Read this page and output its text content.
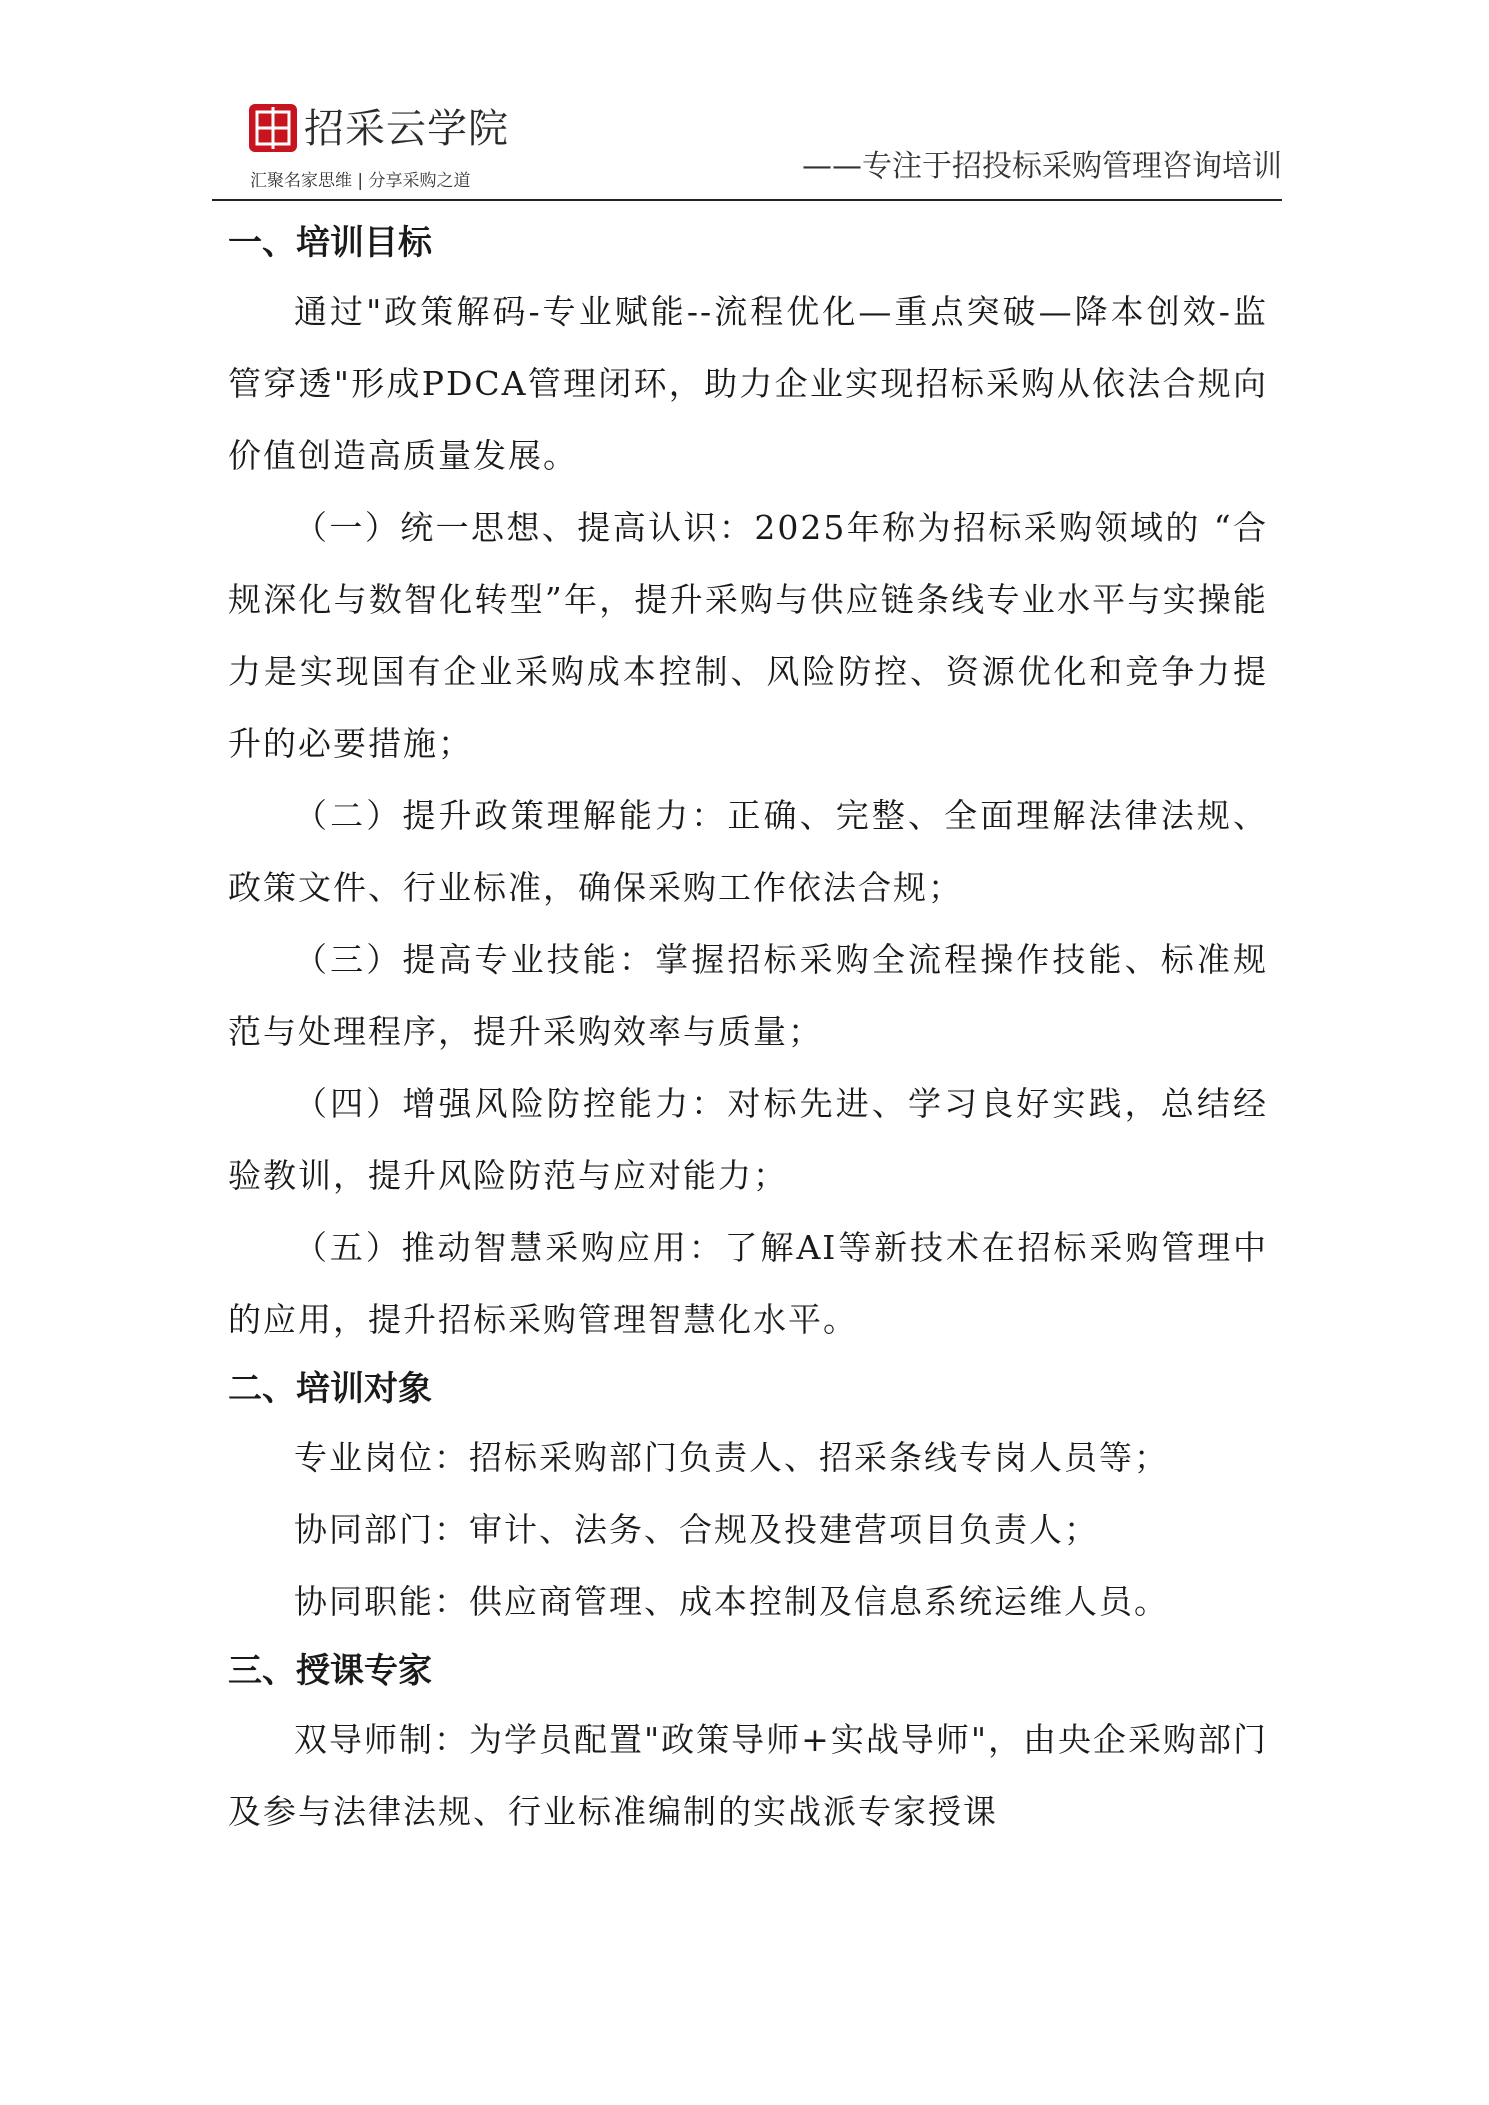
招采云学院
汇聚名家思维 | 分享采购之道	——专注于招投标采购管理咨询培训
一、培训目标

通过"政策解码-专业赋能--流程优化—重点突破—降本创效-监管穿透"形成PDCA管理闭环，助力企业实现招标采购从依法合规向价值创造高质量发展。

（一）统一思想、提高认识：2025年称为招标采购领域的 “合规深化与数智化转型”年，提升采购与供应链条线专业水平与实操能力是实现国有企业采购成本控制、风险防控、资源优化和竞争力提升的必要措施；

（二）提升政策理解能力：正确、完整、全面理解法律法规、政策文件、行业标准，确保采购工作依法合规；

（三）提高专业技能：掌握招标采购全流程操作技能、标准规范与处理程序，提升采购效率与质量；

（四）增强风险防控能力：对标先进、学习良好实践，总结经验教训，提升风险防范与应对能力；

（五）推动智慧采购应用：了解AI等新技术在招标采购管理中的应用，提升招标采购管理智慧化水平。

二、培训对象

专业岗位：招标采购部门负责人、招采条线专岗人员等；

协同部门：审计、法务、合规及投建营项目负责人；

协同职能：供应商管理、成本控制及信息系统运维人员。

三、授课专家

双导师制：为学员配置"政策导师+实战导师"，由央企采购部门及参与法律法规、行业标准编制的实战派专家授课
